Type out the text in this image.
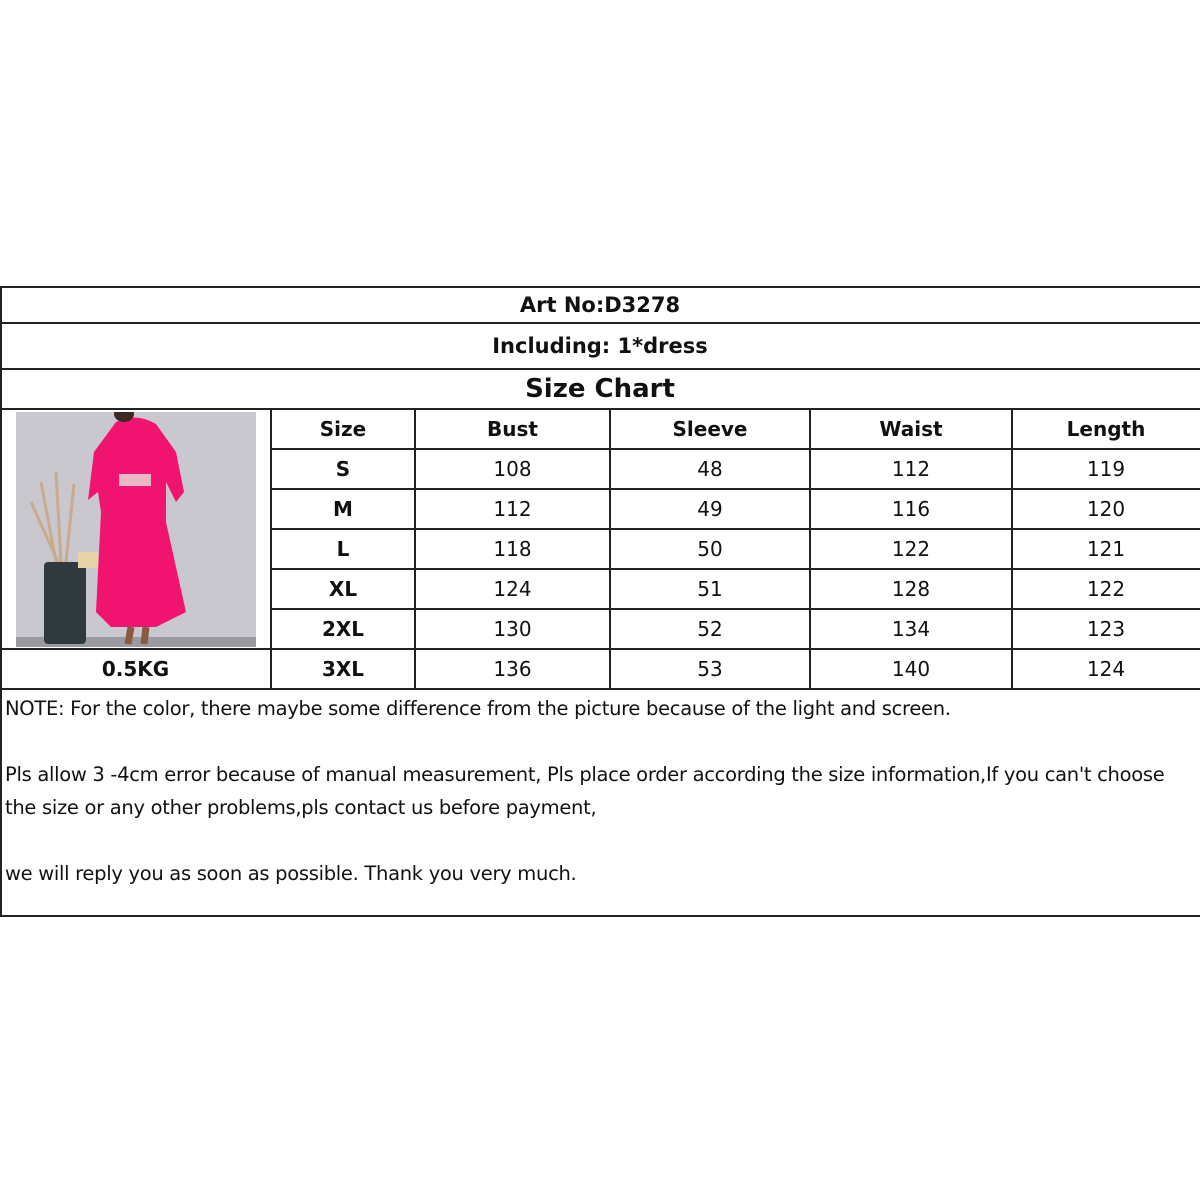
Art No:D3278
Including: 1*dress
Size Chart
0.5KG
Size	Bust	Sleeve	Waist	Length
S	108	48	112	119
M	112	49	116	120
L	118	50	122	121
XL	124	51	128	122
2XL	130	52	134	123
3XL	136	53	140	124

NOTE: For the color, there maybe some difference from the picture because of the light and screen.

Pls allow 3 -4cm error because of manual measurement, Pls place order according the size information,If you can't choose the size or any other problems,pls contact us before payment,

we will reply you as soon as possible. Thank you very much.
